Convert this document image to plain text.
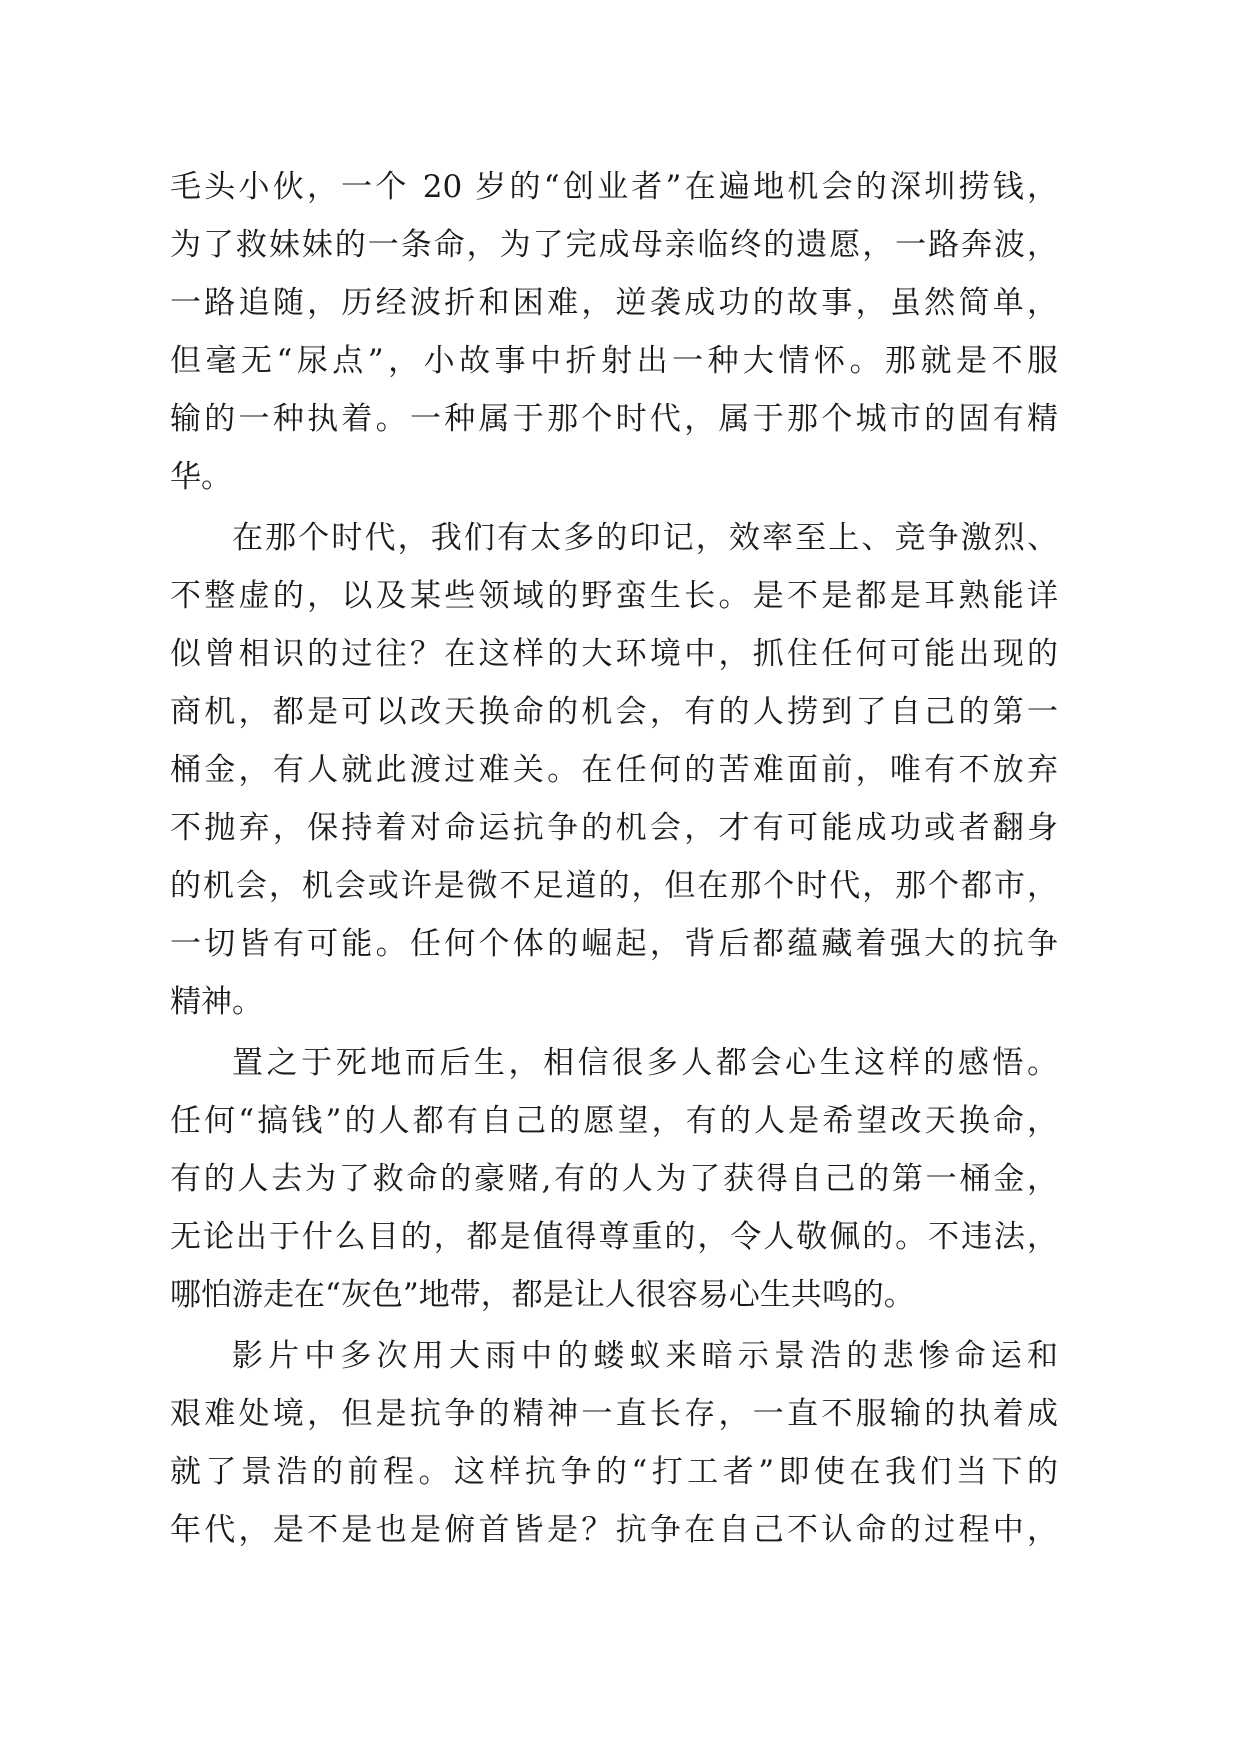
毛头小伙，一个 20 岁的“创业者”在遍地机会的深圳捞钱，
为了救妹妹的一条命，为了完成母亲临终的遗愿，一路奔波，
一路追随，历经波折和困难，逆袭成功的故事，虽然简单，
但毫无“尿点”，小故事中折射出一种大情怀。那就是不服
输的一种执着。一种属于那个时代，属于那个城市的固有精
华。
在那个时代，我们有太多的印记，效率至上、竞争激烈、
不整虚的，以及某些领域的野蛮生长。是不是都是耳熟能详
似曾相识的过往？在这样的大环境中，抓住任何可能出现的
商机，都是可以改天换命的机会，有的人捞到了自己的第一
桶金，有人就此渡过难关。在任何的苦难面前，唯有不放弃
不抛弃，保持着对命运抗争的机会，才有可能成功或者翻身
的机会，机会或许是微不足道的，但在那个时代，那个都市，
一切皆有可能。任何个体的崛起，背后都蕴藏着强大的抗争
精神。
置之于死地而后生，相信很多人都会心生这样的感悟。
任何“搞钱”的人都有自己的愿望，有的人是希望改天换命，
有的人去为了救命的豪赌,有的人为了获得自己的第一桶金，
无论出于什么目的，都是值得尊重的，令人敬佩的。不违法，
哪怕游走在“灰色”地带，都是让人很容易心生共鸣的。
影片中多次用大雨中的蝼蚁来暗示景浩的悲惨命运和
艰难处境，但是抗争的精神一直长存，一直不服输的执着成
就了景浩的前程。这样抗争的“打工者”即使在我们当下的
年代，是不是也是俯首皆是？抗争在自己不认命的过程中，
